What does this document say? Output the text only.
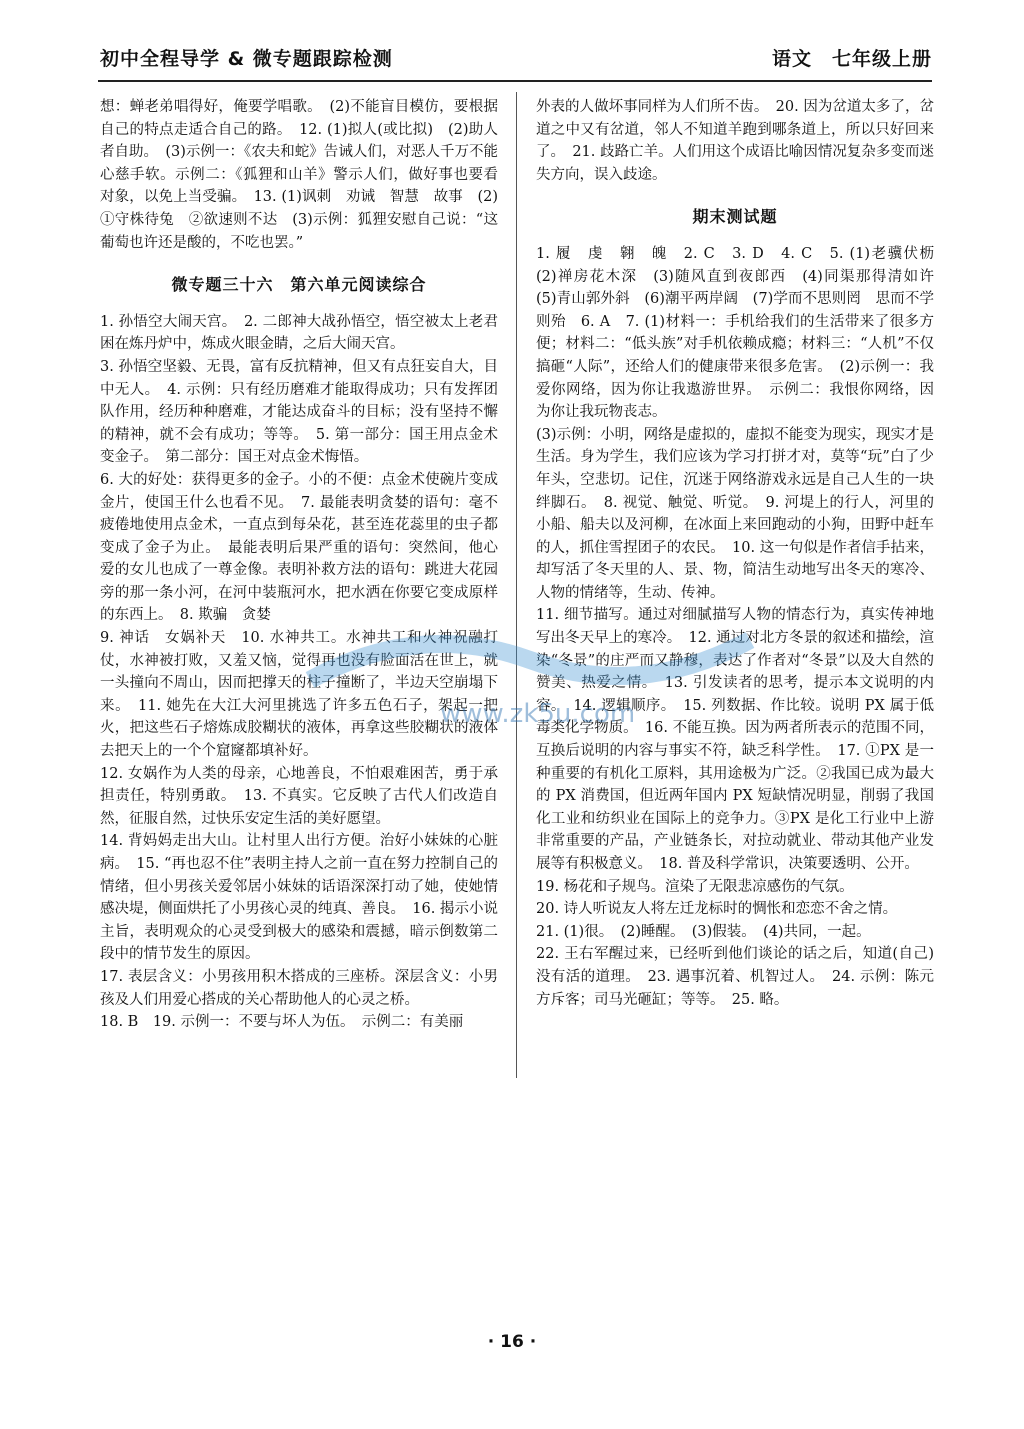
初中全程导学 & 微专题跟踪检测	语文　七年级上册

想：蝉老弟唱得好，俺要学唱歌。　(2)不能盲目模仿，要根据自己的特点走适合自己的路。　12. (1)拟人(或比拟)　(2)助人者自助。　(3)示例一：《农夫和蛇》告诫人们，对恶人千万不能心慈手软。示例二：《狐狸和山羊》警示人们，做好事也要看对象，以免上当受骗。　13. (1)讽刺　劝诫　智慧　故事　(2)①守株待兔　②欲速则不达　(3)示例：狐狸安慰自己说：“这葡萄也许还是酸的，不吃也罢。”

微专题三十六　第六单元阅读综合

1. 孙悟空大闹天宫。　2. 二郎神大战孙悟空，悟空被太上老君困在炼丹炉中，炼成火眼金睛，之后大闹天宫。

3. 孙悟空坚毅、无畏，富有反抗精神，但又有点狂妄自大，目中无人。　4. 示例：只有经历磨难才能取得成功；只有发挥团队作用，经历种种磨难，才能达成奋斗的目标；没有坚持不懈的精神，就不会有成功；等等。　5. 第一部分：国王用点金术变金子。　第二部分：国王对点金术悔悟。

6. 大的好处：获得更多的金子。小的不便：点金术使碗片变成金片，使国王什么也看不见。　7. 最能表明贪婪的语句：毫不疲倦地使用点金术，一直点到每朵花，甚至连花蕊里的虫子都变成了金子为止。　最能表明后果严重的语句：突然间，他心爱的女儿也成了一尊金像。表明补救方法的语句：跳进大花园旁的那一条小河，在河中装瓶河水，把水洒在你要它变成原样的东西上。　8. 欺骗　贪婪

9. 神话　女娲补天　10. 水神共工。水神共工和火神祝融打仗，水神被打败，又羞又恼，觉得再也没有脸面活在世上，就一头撞向不周山，因而把撑天的柱子撞断了，半边天空崩塌下来。　11. 她先在大江大河里挑选了许多五色石子，架起一把火，把这些石子熔炼成胶糊状的液体，再拿这些胶糊状的液体去把天上的一个个窟窿都填补好。

12. 女娲作为人类的母亲，心地善良，不怕艰难困苦，勇于承担责任，特别勇敢。　13. 不真实。它反映了古代人们改造自然，征服自然，过快乐安定生活的美好愿望。

14. 背妈妈走出大山。让村里人出行方便。治好小妹妹的心脏病。　15. “再也忍不住”表明主持人之前一直在努力控制自己的情绪，但小男孩关爱邻居小妹妹的话语深深打动了她，使她情感决堤，侧面烘托了小男孩心灵的纯真、善良。　16. 揭示小说主旨，表明观众的心灵受到极大的感染和震撼，暗示倒数第二段中的情节发生的原因。

17. 表层含义：小男孩用积木搭成的三座桥。深层含义：小男孩及人们用爱心搭成的关心帮助他人的心灵之桥。

18. B　19. 示例一：不要与坏人为伍。　示例二：有美丽

外表的人做坏事同样为人们所不齿。　20. 因为岔道太多了，岔道之中又有岔道，邻人不知道羊跑到哪条道上，所以只好回来了。　21. 歧路亡羊。人们用这个成语比喻因情况复杂多变而迷失方向，误入歧途。

期末测试题

1. 履　虔　翱　魄　2. C　3. D　4. C　5. (1)老骥伏枥　(2)禅房花木深　(3)随风直到夜郎西　(4)同渠那得清如许　(5)青山郭外斜　(6)潮平两岸阔　(7)学而不思则罔　思而不学则殆　6. A　7. (1)材料一：手机给我们的生活带来了很多方便；材料二：“低头族”对手机依赖成瘾；材料三：“人机”不仅搞砸“人际”，还给人们的健康带来很多危害。　(2)示例一：我爱你网络，因为你让我遨游世界。　示例二：我恨你网络，因为你让我玩物丧志。

(3)示例：小明，网络是虚拟的，虚拟不能变为现实，现实才是生活。身为学生，我们应该为学习打拼才对，莫等“玩”白了少年头，空悲切。记住，沉迷于网络游戏永远是自己人生的一块绊脚石。　8. 视觉、触觉、听觉。　9. 河堤上的行人，河里的小船、船夫以及河柳，在冰面上来回跑动的小狗，田野中赶车的人，抓住雪捏团子的农民。　10. 这一句似是作者信手拈来，却写活了冬天里的人、景、物，简洁生动地写出冬天的寒冷、人物的情绪等，生动、传神。

11. 细节描写。通过对细腻描写人物的情态行为，真实传神地写出冬天早上的寒冷。　12. 通过对北方冬景的叙述和描绘，渲染“冬景”的庄严而又静穆，表达了作者对“冬景”以及大自然的赞美、热爱之情。　13. 引发读者的思考，提示本文说明的内容。　14. 逻辑顺序。　15. 列数据、作比较。说明 PX 属于低毒类化学物质。　16. 不能互换。因为两者所表示的范围不同，互换后说明的内容与事实不符，缺乏科学性。　17. ①PX 是一种重要的有机化工原料，其用途极为广泛。②我国已成为最大的 PX 消费国，但近两年国内 PX 短缺情况明显，削弱了我国化工业和纺织业在国际上的竞争力。③PX 是化工行业中上游非常重要的产品，产业链条长，对拉动就业、带动其他产业发展等有积极意义。　18. 普及科学常识，决策要透明、公开。

19. 杨花和子规鸟。渲染了无限悲凉感伤的气氛。

20. 诗人听说友人将左迁龙标时的惆怅和恋恋不舍之情。

21. (1)很。　(2)睡醒。　(3)假装。　(4)共同，一起。

22. 王右军醒过来，已经听到他们谈论的话之后，知道(自己)没有活的道理。　23. 遇事沉着、机智过人。　24. 示例：陈元方斥客；司马光砸缸；等等。　25. 略。

www.zk5u.com
· 16 ·
